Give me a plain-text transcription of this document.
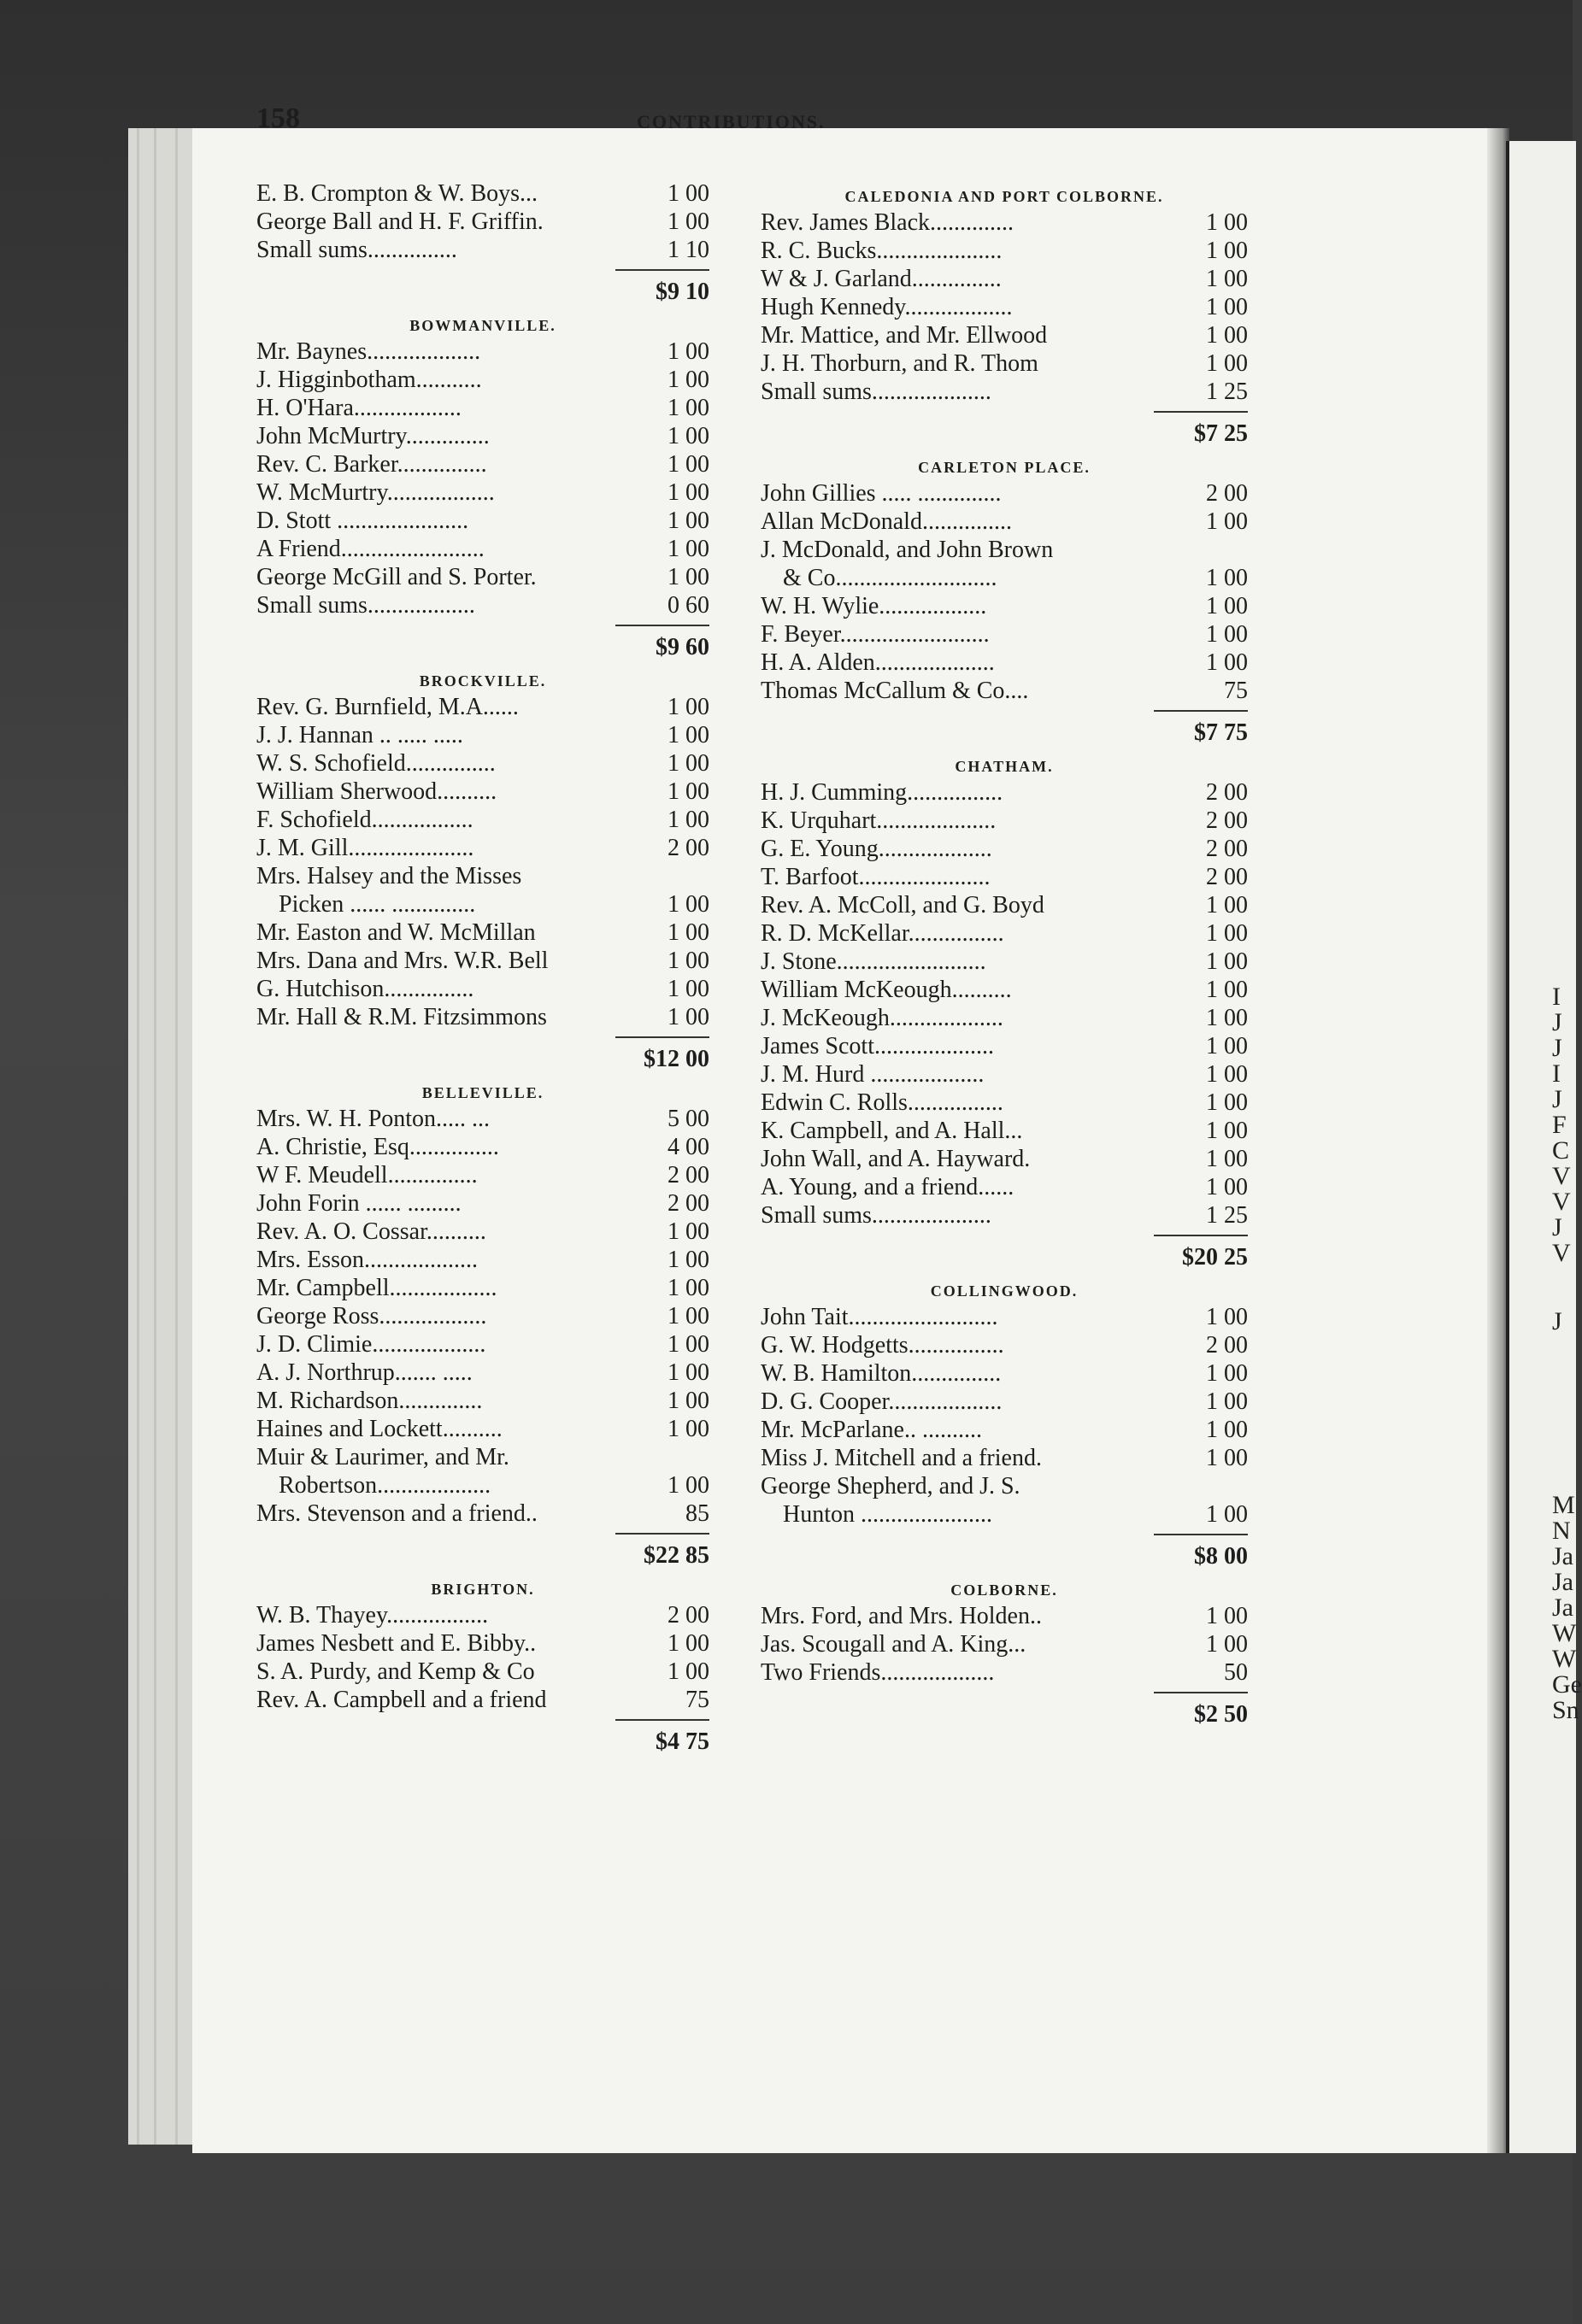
I
J
J
I
J
F
C
V
V
J
V
J
M
N
Ja
Ja
Ja
W
W
Ge
Sn
158	CONTRIBUTIONS.
E. B. Crompton & W. Boys...	1 00
George Ball and H. F. Griffin.	1 00
Small sums...............	1 10
$9 10
BOWMANVILLE.
Mr. Baynes...................	1 00
J. Higginbotham...........	1 00
H. O'Hara..................	1 00
John McMurtry..............	1 00
Rev. C. Barker...............	1 00
W. McMurtry..................	1 00
D. Stott ......................	1 00
A Friend........................	1 00
George McGill and S. Porter.	1 00
Small sums..................	0 60
$9 60
BROCKVILLE.
Rev. G. Burnfield, M.A......	1 00
J. J. Hannan .. ..... .....	1 00
W. S. Schofield...............	1 00
William Sherwood..........	1 00
F. Schofield.................	1 00
J. M. Gill.....................	2 00
Mrs. Halsey and the Misses
Picken ...... ..............	1 00
Mr. Easton and W. McMillan	1 00
Mrs. Dana and Mrs. W.R. Bell	1 00
G. Hutchison...............	1 00
Mr. Hall & R.M. Fitzsimmons	1 00
$12 00
BELLEVILLE.
Mrs. W. H. Ponton..... ...	5 00
A. Christie, Esq...............	4 00
W F. Meudell...............	2 00
John Forin ...... .........	2 00
Rev. A. O. Cossar..........	1 00
Mrs. Esson...................	1 00
Mr. Campbell..................	1 00
George Ross..................	1 00
J. D. Climie...................	1 00
A. J. Northrup....... .....	1 00
M. Richardson..............	1 00
Haines and Lockett..........	1 00
Muir & Laurimer, and Mr.
Robertson...................	1 00
Mrs. Stevenson and a friend..	85
$22 85
BRIGHTON.
W. B. Thayey.................	2 00
James Nesbett and E. Bibby..	1 00
S. A. Purdy, and Kemp & Co	1 00
Rev. A. Campbell and a friend	75
$4 75
CALEDONIA AND PORT COLBORNE.
Rev. James Black..............	1 00
R. C. Bucks.....................	1 00
W & J. Garland...............	1 00
Hugh Kennedy..................	1 00
Mr. Mattice, and Mr. Ellwood	1 00
J. H. Thorburn, and R. Thom	1 00
Small sums....................	1 25
$7 25
CARLETON PLACE.
John Gillies ..... ..............	2 00
Allan McDonald...............	1 00
J. McDonald, and John Brown
& Co...........................	1 00
W. H. Wylie..................	1 00
F. Beyer.........................	1 00
H. A. Alden....................	1 00
Thomas McCallum & Co....	75
$7 75
CHATHAM.
H. J. Cumming................	2 00
K. Urquhart....................	2 00
G. E. Young...................	2 00
T. Barfoot......................	2 00
Rev. A. McColl, and G. Boyd	1 00
R. D. McKellar................	1 00
J. Stone.........................	1 00
William McKeough..........	1 00
J. McKeough...................	1 00
James Scott....................	1 00
J. M. Hurd ...................	1 00
Edwin C. Rolls................	1 00
K. Campbell, and A. Hall...	1 00
John Wall, and A. Hayward.	1 00
A. Young, and a friend......	1 00
Small sums....................	1 25
$20 25
COLLINGWOOD.
John Tait.........................	1 00
G. W. Hodgetts................	2 00
W. B. Hamilton...............	1 00
D. G. Cooper...................	1 00
Mr. McParlane.. ..........	1 00
Miss J. Mitchell and a friend.	1 00
George Shepherd, and J. S.
Hunton ......................	1 00
$8 00
COLBORNE.
Mrs. Ford, and Mrs. Holden..	1 00
Jas. Scougall and A. King...	1 00
Two Friends...................	50
$2 50
